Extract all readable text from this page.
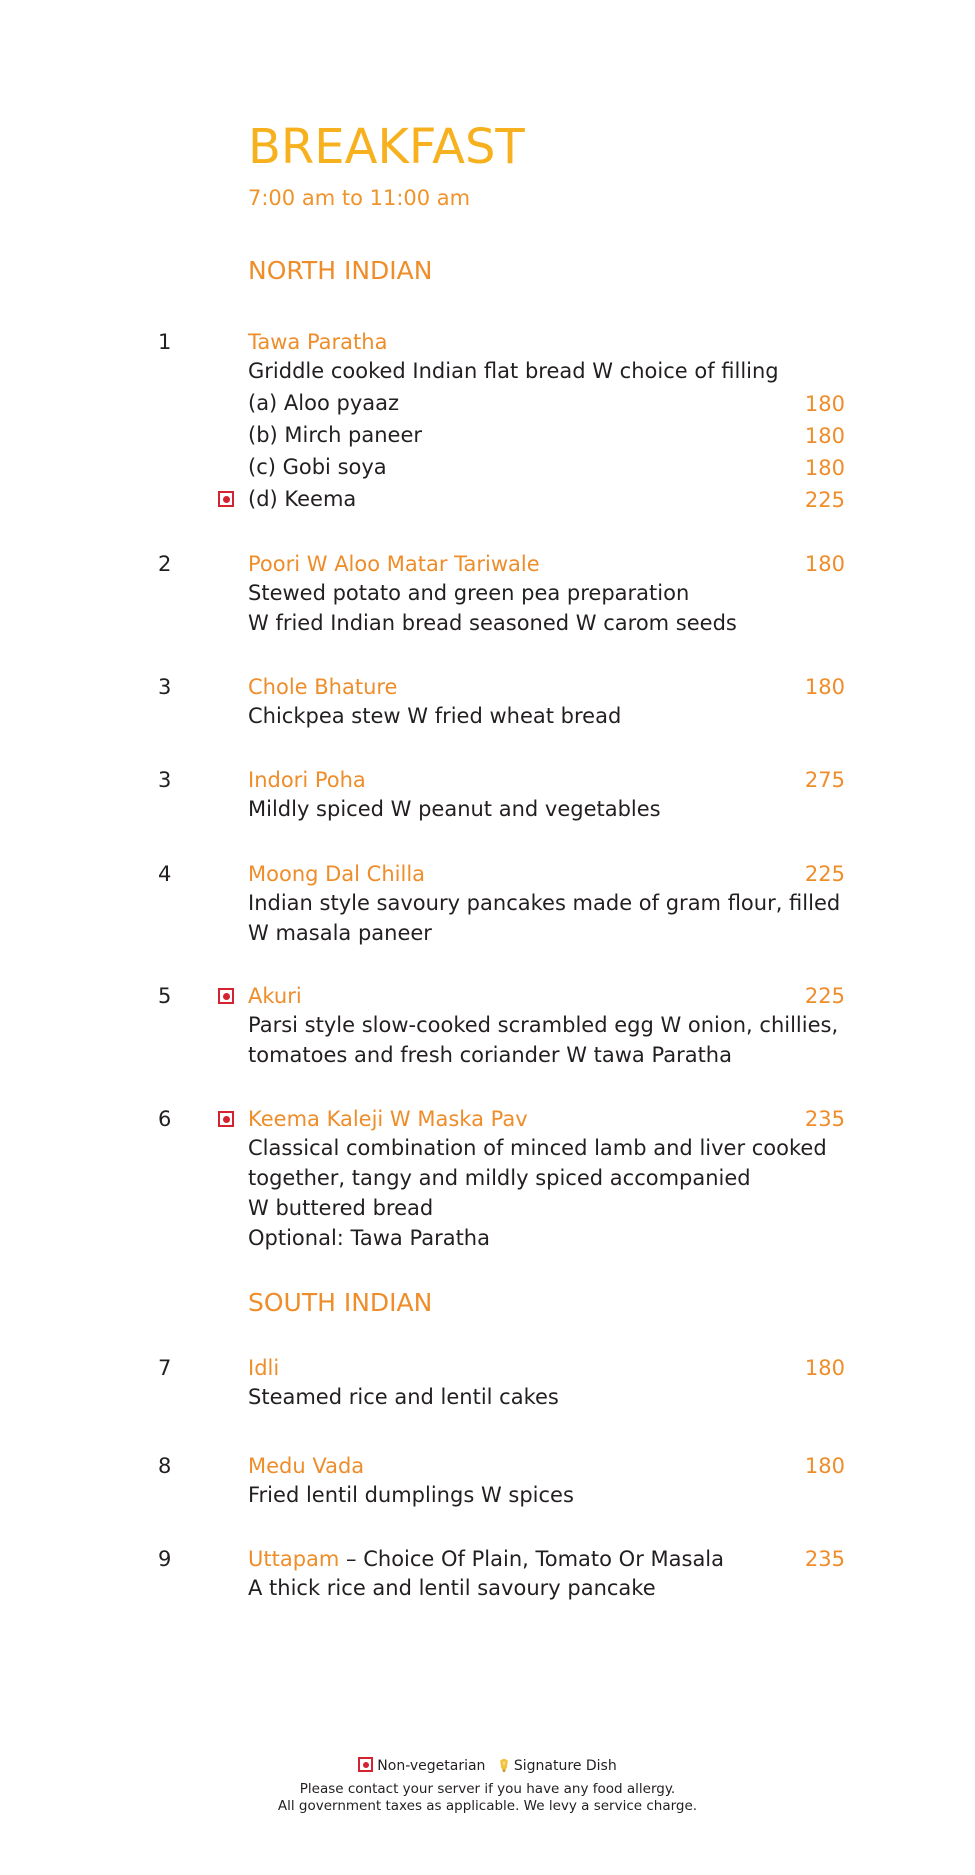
BREAKFAST
7:00 am to 11:00 am
NORTH INDIAN
1	Tawa Paratha
Griddle cooked Indian flat bread W choice of filling
(a) Aloo pyaaz	180
(b) Mirch paneer	180
(c) Gobi soya	180
(d) Keema	225
2	Poori W Aloo Matar Tariwale	180
Stewed potato and green pea preparation
W fried Indian bread seasoned W carom seeds
3	Chole Bhature	180
Chickpea stew W fried wheat bread
3	Indori Poha	275
Mildly spiced W peanut and vegetables
4	Moong Dal Chilla	225
Indian style savoury pancakes made of gram flour, filled
W masala paneer
5	Akuri	225
Parsi style slow-cooked scrambled egg W onion, chillies,
tomatoes and fresh coriander W tawa Paratha
6	Keema Kaleji W Maska Pav	235
Classical combination of minced lamb and liver cooked
together, tangy and mildly spiced accompanied
W buttered bread
Optional: Tawa Paratha
SOUTH INDIAN
7	Idli	180
Steamed rice and lentil cakes
8	Medu Vada	180
Fried lentil dumplings W spices
9	Uttapam – Choice Of Plain, Tomato Or Masala	235
A thick rice and lentil savoury pancake
Non-vegetarian Signature Dish
Please contact your server if you have any food allergy.
All government taxes as applicable. We levy a service charge.
